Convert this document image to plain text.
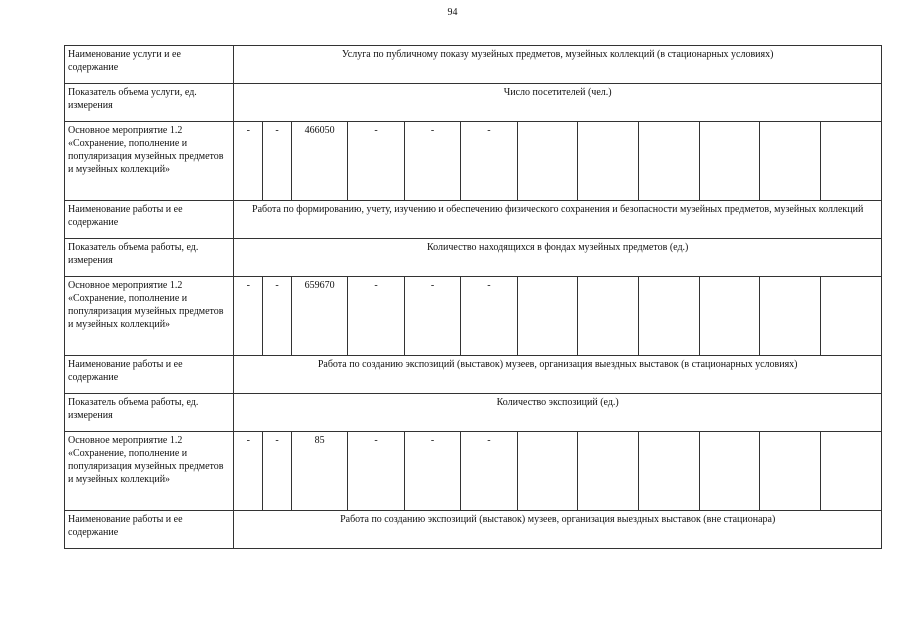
94
Наименование услуги и ее содержание	Услуга по публичному показу музейных предметов, музейных коллекций (в стационарных условиях)											
Показатель объема услуги, ед. измерения	Число посетителей (чел.)											
Основное мероприятие 1.2 «Сохранение, пополнение и популяризация музейных предметов и музейных коллекций»	-	-	466050	-	-	-						
Наименование работы и ее содержание	Работа по формированию, учету, изучению и обеспечению физического сохранения и безопасности музейных предметов, музейных коллекций											
Показатель объема работы, ед. измерения	Количество находящихся в фондах музейных предметов (ед.)											
Основное мероприятие 1.2 «Сохранение, пополнение и популяризация музейных предметов и музейных коллекций»	-	-	659670	-	-	-						
Наименование работы и ее содержание	Работа по созданию экспозиций (выставок) музеев, организация выездных выставок (в стационарных условиях)											
Показатель объема работы, ед. измерения	Количество экспозиций (ед.)											
Основное мероприятие 1.2 «Сохранение, пополнение и популяризация музейных предметов и музейных коллекций»	-	-	85	-	-	-						
Наименование работы и ее содержание	Работа по созданию экспозиций (выставок) музеев, организация выездных выставок (вне стационара)											
